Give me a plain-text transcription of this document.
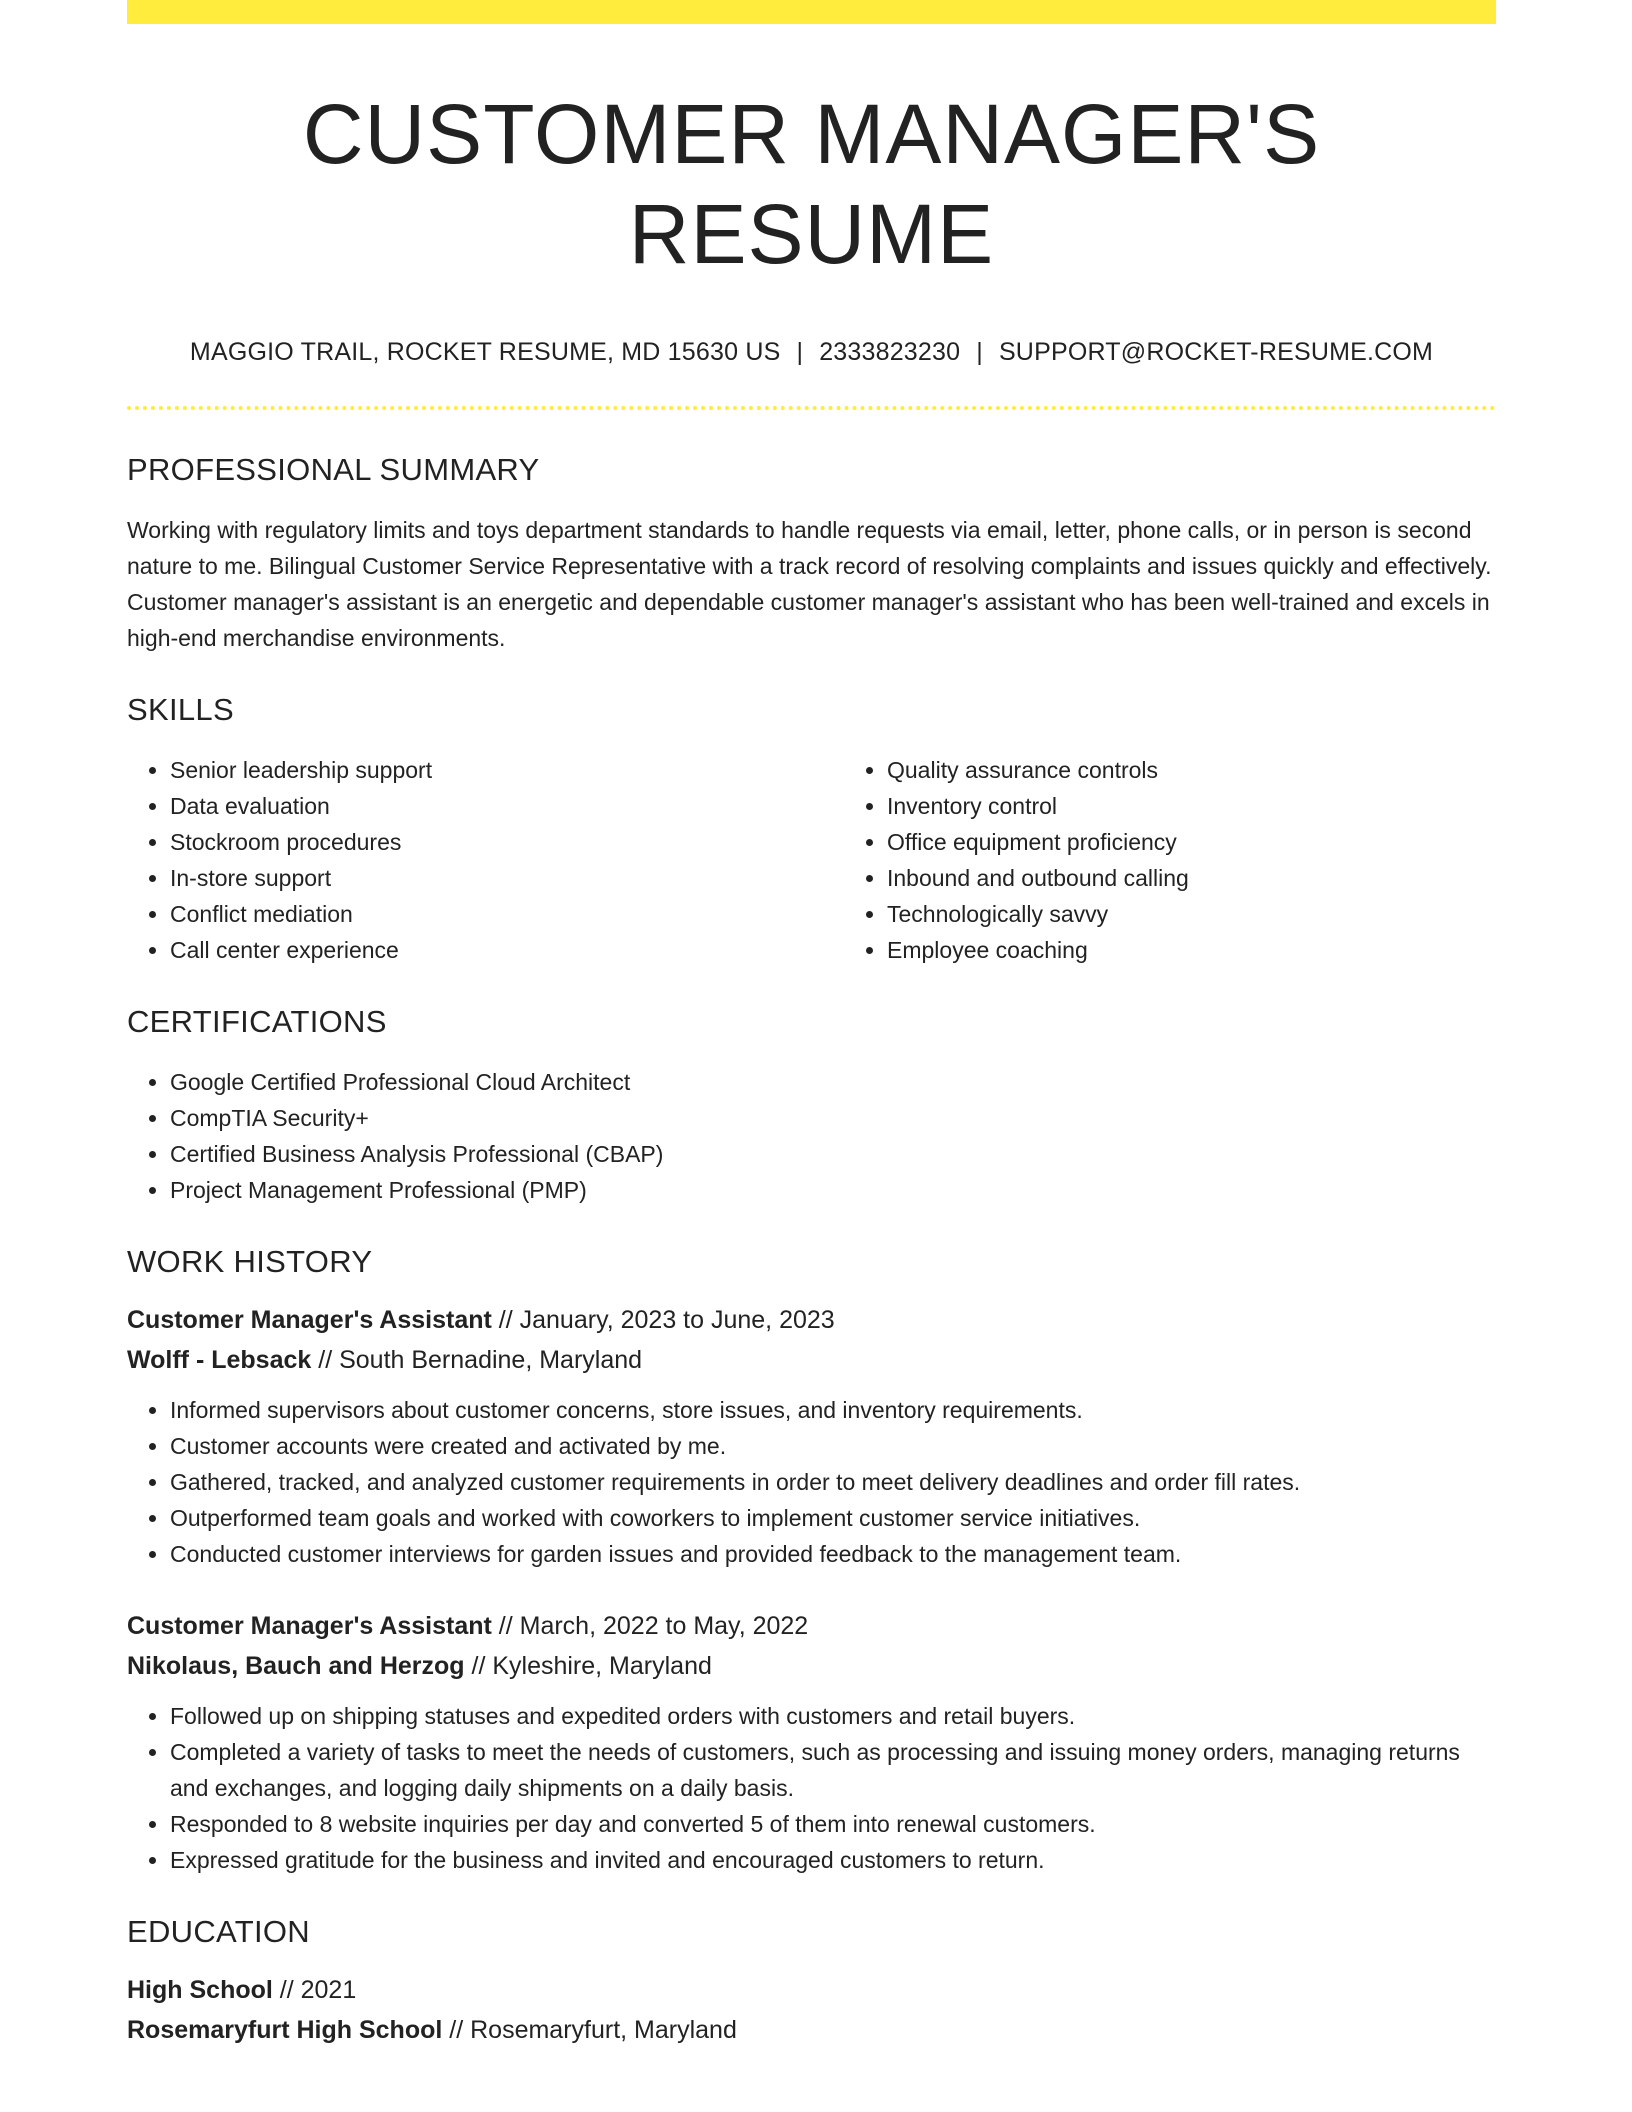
CUSTOMER MANAGER'S RESUME
MAGGIO TRAIL, ROCKET RESUME, MD 15630 US | 2333823230 | SUPPORT@ROCKET-RESUME.COM
PROFESSIONAL SUMMARY
Working with regulatory limits and toys department standards to handle requests via email, letter, phone calls, or in person is second nature to me. Bilingual Customer Service Representative with a track record of resolving complaints and issues quickly and effectively. Customer manager's assistant is an energetic and dependable customer manager's assistant who has been well-trained and excels in high-end merchandise environments.
SKILLS
• Senior leadership support
• Data evaluation
• Stockroom procedures
• In-store support
• Conflict mediation
• Call center experience
• Quality assurance controls
• Inventory control
• Office equipment proficiency
• Inbound and outbound calling
• Technologically savvy
• Employee coaching
CERTIFICATIONS
• Google Certified Professional Cloud Architect
• CompTIA Security+
• Certified Business Analysis Professional (CBAP)
• Project Management Professional (PMP)
WORK HISTORY
Customer Manager's Assistant // January, 2023 to June, 2023
Wolff - Lebsack // South Bernadine, Maryland
• Informed supervisors about customer concerns, store issues, and inventory requirements.
• Customer accounts were created and activated by me.
• Gathered, tracked, and analyzed customer requirements in order to meet delivery deadlines and order fill rates.
• Outperformed team goals and worked with coworkers to implement customer service initiatives.
• Conducted customer interviews for garden issues and provided feedback to the management team.
Customer Manager's Assistant // March, 2022 to May, 2022
Nikolaus, Bauch and Herzog // Kyleshire, Maryland
• Followed up on shipping statuses and expedited orders with customers and retail buyers.
• Completed a variety of tasks to meet the needs of customers, such as processing and issuing money orders, managing returns and exchanges, and logging daily shipments on a daily basis.
• Responded to 8 website inquiries per day and converted 5 of them into renewal customers.
• Expressed gratitude for the business and invited and encouraged customers to return.
EDUCATION
High School // 2021
Rosemaryfurt High School // Rosemaryfurt, Maryland
